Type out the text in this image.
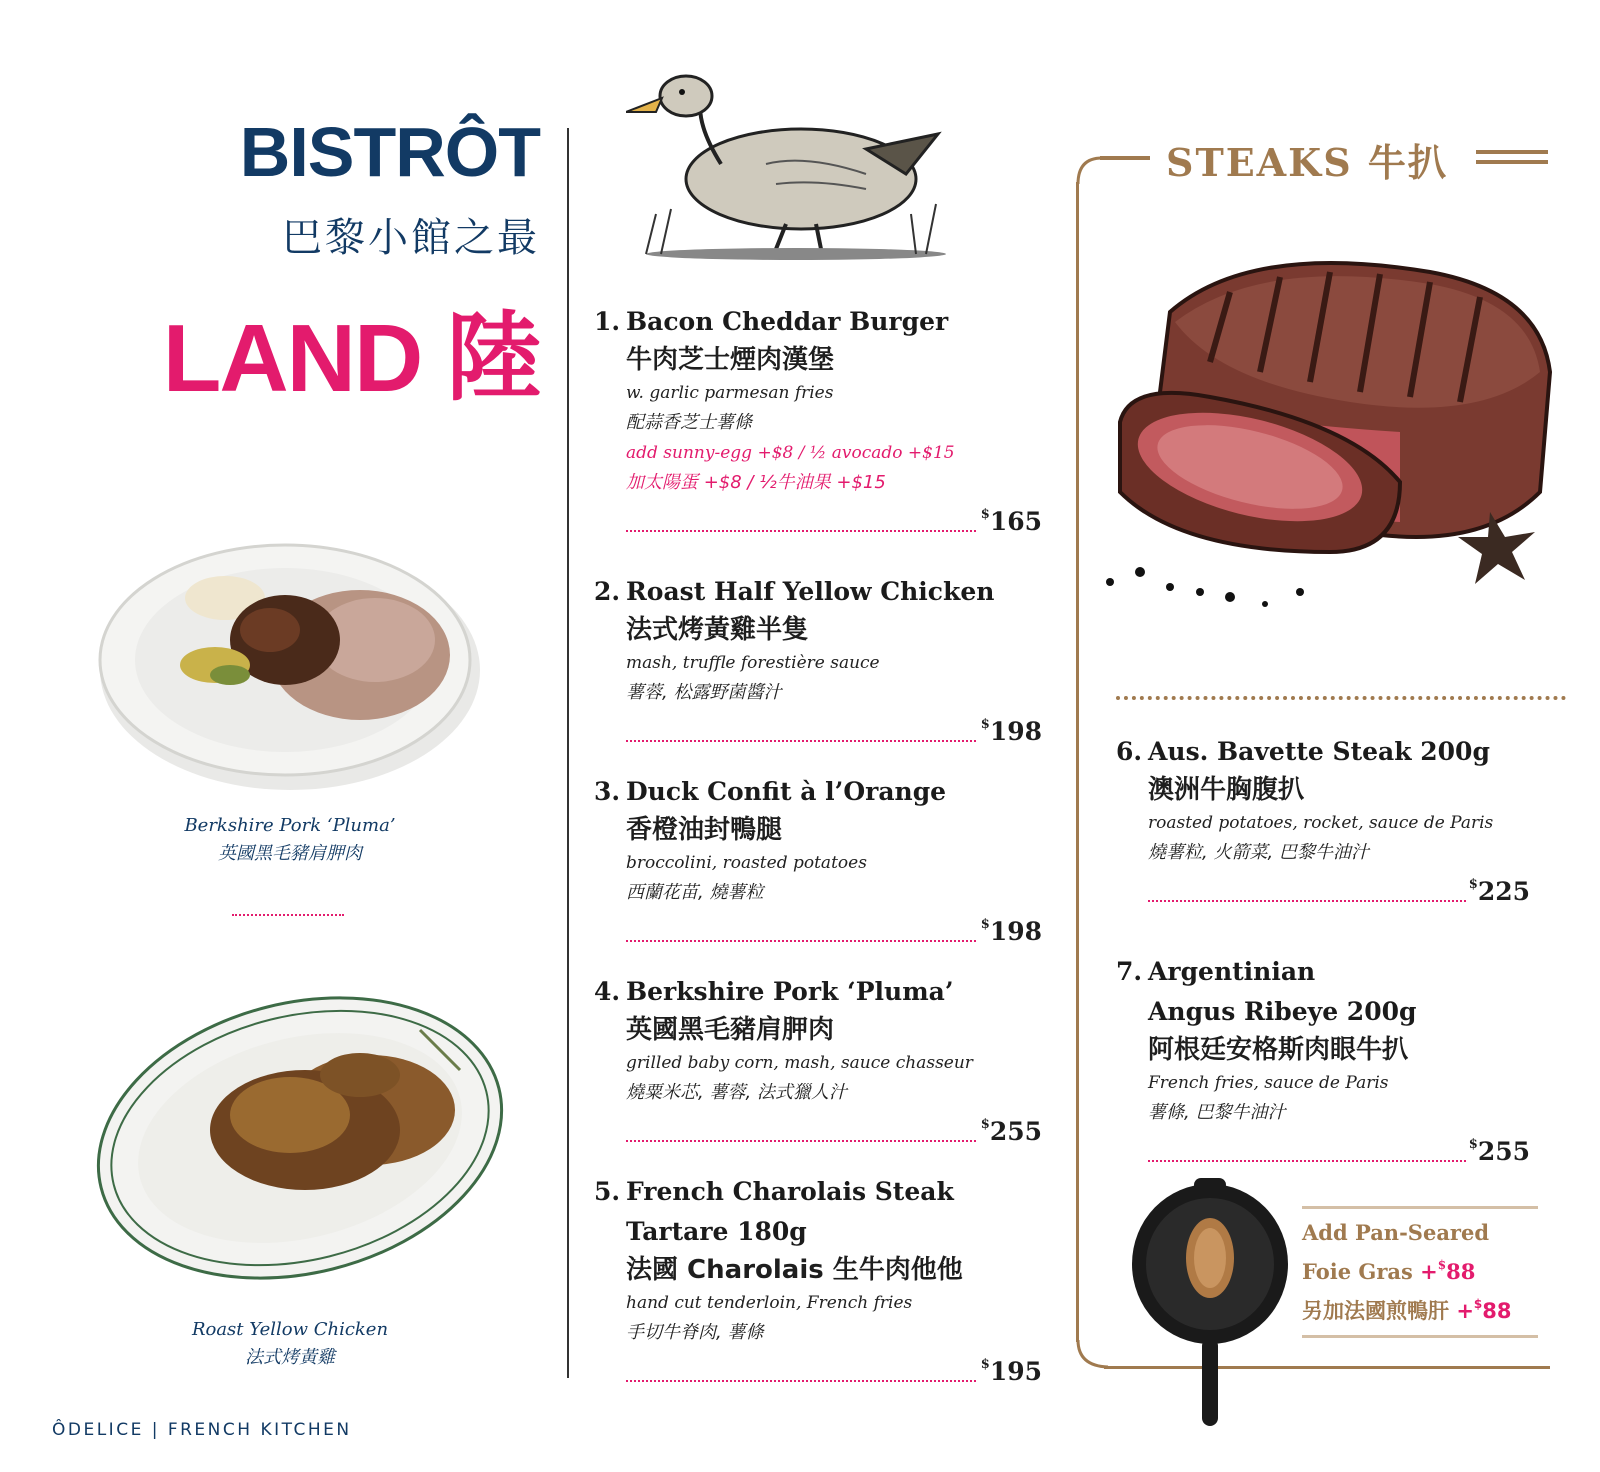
BISTRÔT
巴黎小館之最
LAND 陸
Berkshire Pork ‘Pluma’
英國黑毛豬肩胛肉
Roast Yellow Chicken
法式烤黃雞
ÔDELICE | FRENCH KITCHEN
1. Bacon Cheddar Burger
牛肉芝士煙肉漢堡
w. garlic parmesan fries
配蒜香芝士薯條
add sunny-egg +$8 / ½ avocado +$15
加太陽蛋 +$8 / ½牛油果 +$15
$165
2. Roast Half Yellow Chicken
法式烤黃雞半隻
mash, truffle forestière sauce
薯蓉, 松露野菌醬汁
$198
3. Duck Confit à l’Orange
香橙油封鴨腿
broccolini, roasted potatoes
西蘭花苗, 燒薯粒
$198
4. Berkshire Pork ‘Pluma’
英國黑毛豬肩胛肉
grilled baby corn, mash, sauce chasseur
燒粟米芯, 薯蓉, 法式獵人汁
$255
5. French Charolais Steak
Tartare 180g
法國 Charolais 生牛肉他他
hand cut tenderloin, French fries
手切牛脊肉, 薯條
$195
STEAKS 牛扒
6. Aus. Bavette Steak 200g
澳洲牛胸腹扒
roasted potatoes, rocket, sauce de Paris
燒薯粒, 火箭菜, 巴黎牛油汁
$225
7. Argentinian
Angus Ribeye 200g
阿根廷安格斯肉眼牛扒
French fries, sauce de Paris
薯條, 巴黎牛油汁
$255
Add Pan-Seared
Foie Gras +$88
另加法國煎鴨肝 +$88
